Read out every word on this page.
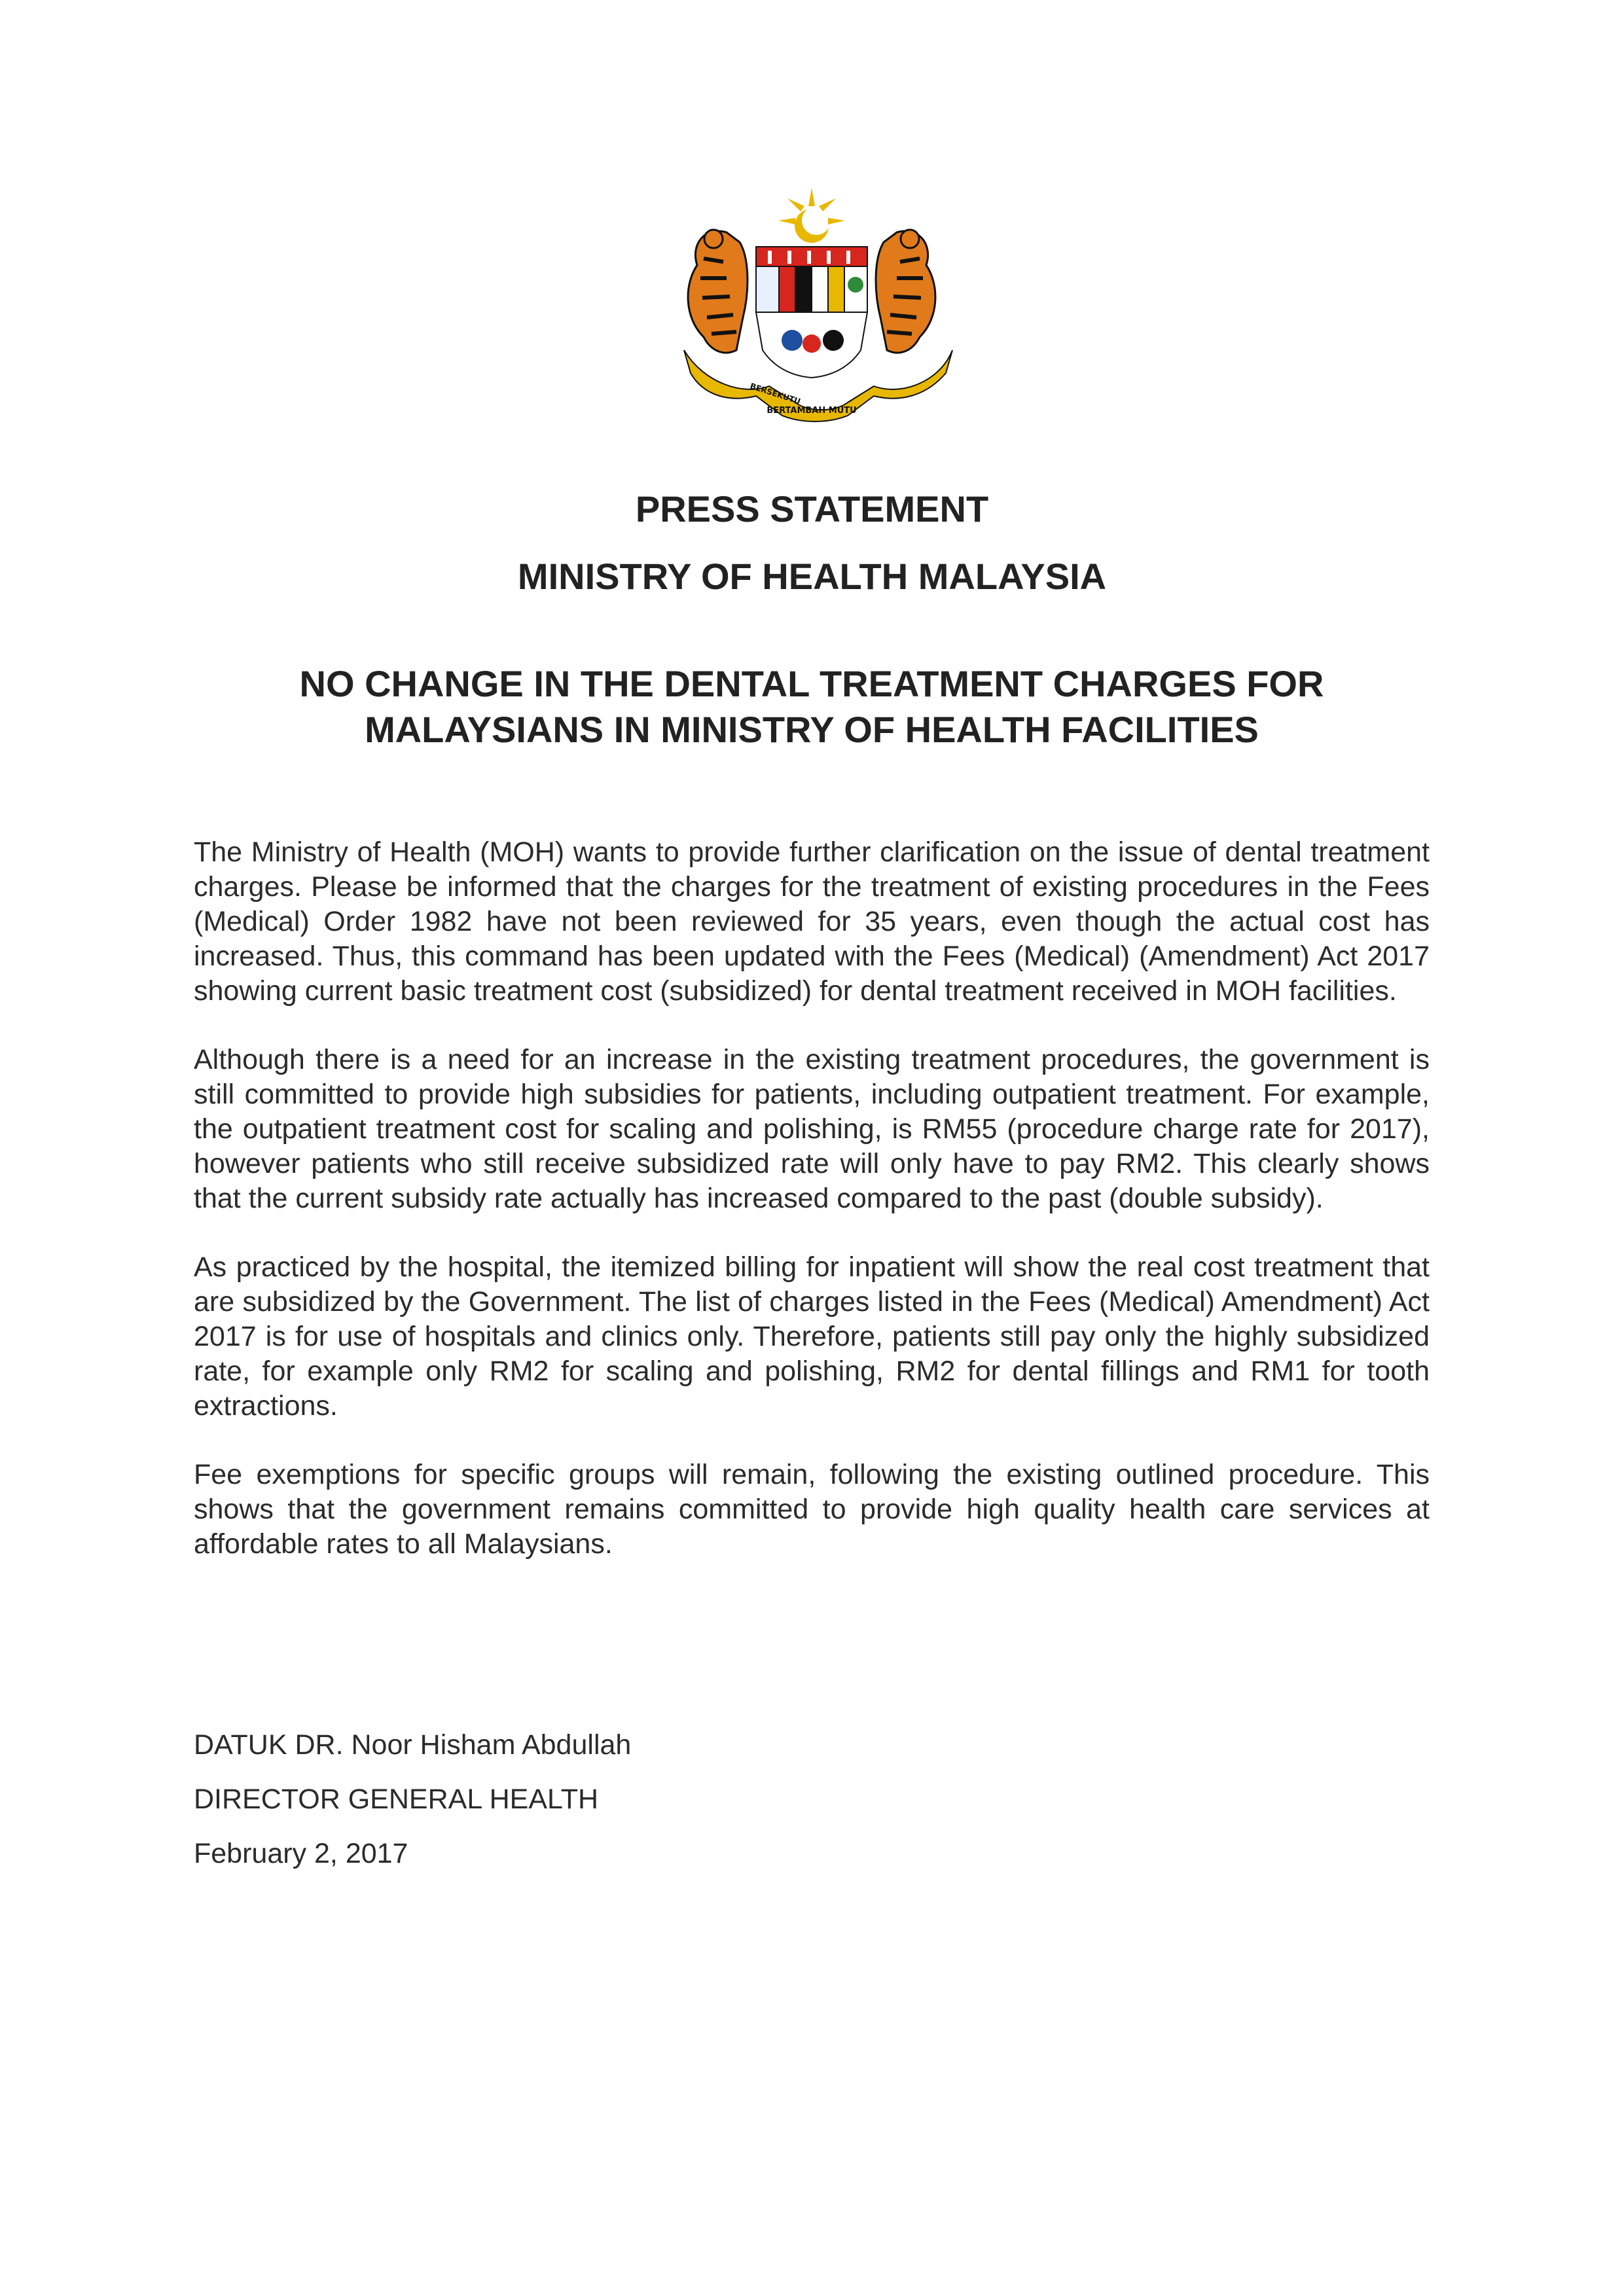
BERSEKUTU
BERTAMBAH MUTU
PRESS STATEMENT
MINISTRY OF HEALTH MALAYSIA
NO CHANGE IN THE DENTAL TREATMENT CHARGES FOR
MALAYSIANS IN MINISTRY OF HEALTH FACILITIES

The Ministry of Health (MOH) wants to provide further clarification on the issue of dental treatment charges. Please be informed that the charges for the treatment of existing procedures in the Fees (Medical) Order 1982 have not been reviewed for 35 years, even though the actual cost has increased. Thus, this command has been updated with the Fees (Medical) (Amendment) Act 2017 showing current basic treatment cost (subsidized) for dental treatment received in MOH facilities.

Although there is a need for an increase in the existing treatment procedures, the government is still committed to provide high subsidies for patients, including outpatient treatment. For example, the outpatient treatment cost for scaling and polishing, is RM55 (procedure charge rate for 2017), however patients who still receive subsidized rate will only have to pay RM2. This clearly shows that the current subsidy rate actually has increased compared to the past (double subsidy).

As practiced by the hospital, the itemized billing for inpatient will show the real cost treatment that are subsidized by the Government. The list of charges listed in the Fees (Medical) Amendment) Act 2017 is for use of hospitals and clinics only. Therefore, patients still pay only the highly subsidized rate, for example only RM2 for scaling and polishing, RM2 for dental fillings and RM1 for tooth extractions.

Fee exemptions for specific groups will remain, following the existing outlined procedure. This shows that the government remains committed to provide high quality health care services at affordable rates to all Malaysians.

DATUK DR. Noor Hisham Abdullah
DIRECTOR GENERAL HEALTH
February 2, 2017
